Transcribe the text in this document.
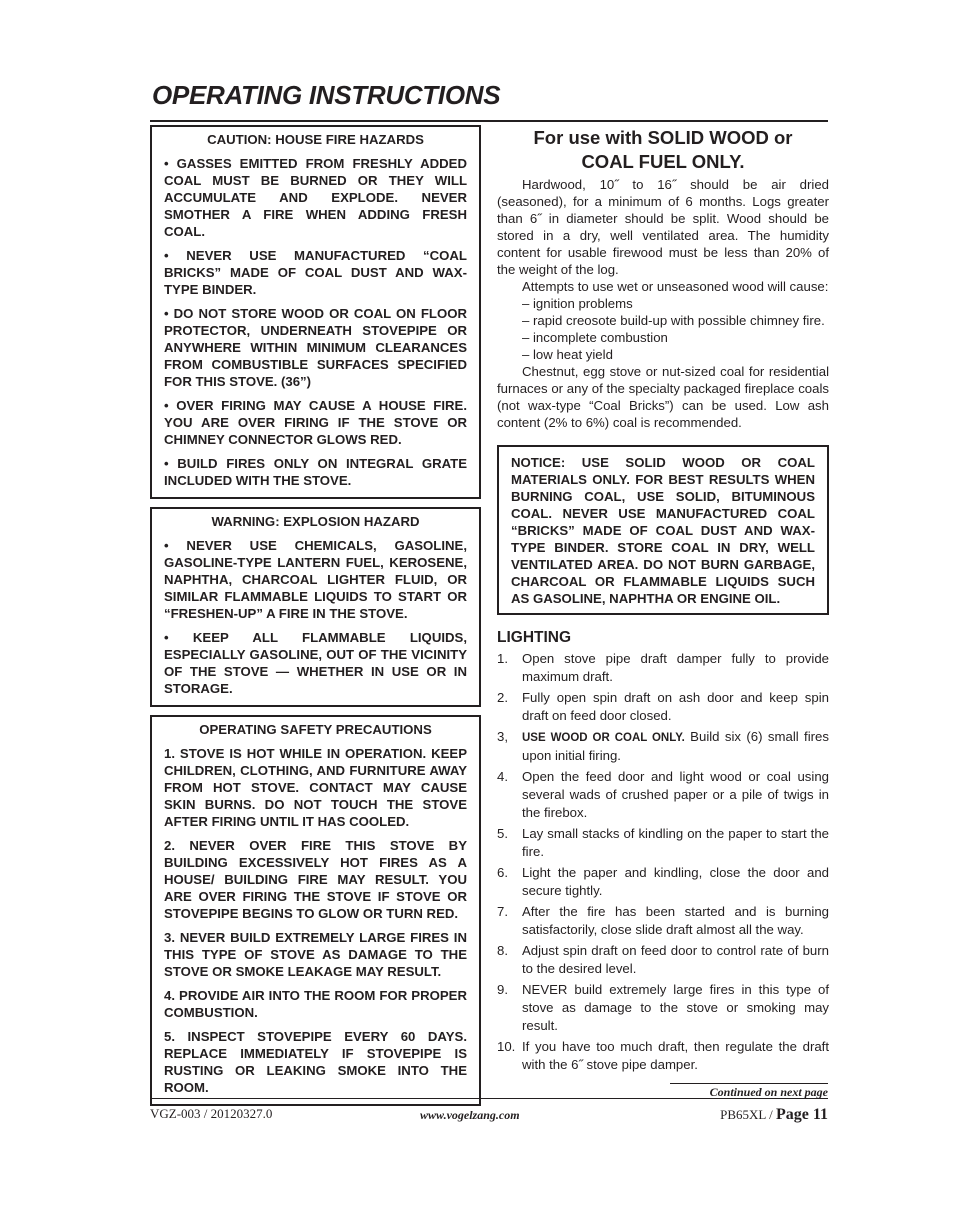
OPERATING INSTRUCTIONS
CAUTION: HOUSE FIRE HAZARDS

• GASSES EMITTED FROM FRESHLY ADDED COAL MUST BE BURNED OR THEY WILL ACCUMULATE AND EXPLODE. NEVER SMOTHER A FIRE WHEN ADDING FRESH COAL.

• NEVER USE MANUFACTURED “COAL BRICKS” MADE OF COAL DUST AND WAX-TYPE BINDER.

• DO NOT STORE WOOD OR COAL ON FLOOR PROTECTOR, UNDERNEATH STOVEPIPE OR ANYWHERE WITHIN MINIMUM CLEARANCES FROM COMBUSTIBLE SURFACES SPECIFIED FOR THIS STOVE. (36”)

• OVER FIRING MAY CAUSE A HOUSE FIRE. YOU ARE OVER FIRING IF THE STOVE OR CHIMNEY CONNECTOR GLOWS RED.

• BUILD FIRES ONLY ON INTEGRAL GRATE INCLUDED WITH THE STOVE.

WARNING: EXPLOSION HAZARD

• NEVER USE CHEMICALS, GASOLINE, GASOLINE-TYPE LANTERN FUEL, KEROSENE, NAPHTHA, CHARCOAL LIGHTER FLUID, OR SIMILAR FLAMMABLE LIQUIDS TO START OR “FRESHEN-UP” A FIRE IN THE STOVE.

• KEEP ALL FLAMMABLE LIQUIDS, ESPECIALLY GASOLINE, OUT OF THE VICINITY OF THE STOVE — WHETHER IN USE OR IN STORAGE.

OPERATING SAFETY PRECAUTIONS

1. STOVE IS HOT WHILE IN OPERATION. KEEP CHILDREN, CLOTHING, AND FURNITURE AWAY FROM HOT STOVE. CONTACT MAY CAUSE SKIN BURNS. DO NOT TOUCH THE STOVE AFTER FIRING UNTIL IT HAS COOLED.

2. NEVER OVER FIRE THIS STOVE BY BUILDING EXCESSIVELY HOT FIRES AS A HOUSE/ BUILDING FIRE MAY RESULT. YOU ARE OVER FIRING THE STOVE IF STOVE OR STOVEPIPE BEGINS TO GLOW OR TURN RED.

3. NEVER BUILD EXTREMELY LARGE FIRES IN THIS TYPE OF STOVE AS DAMAGE TO THE STOVE OR SMOKE LEAKAGE MAY RESULT.

4. PROVIDE AIR INTO THE ROOM FOR PROPER COMBUSTION.

5. INSPECT STOVEPIPE EVERY 60 DAYS. REPLACE IMMEDIATELY IF STOVEPIPE IS RUSTING OR LEAKING SMOKE INTO THE ROOM.

For use with SOLID WOOD or
COAL FUEL ONLY.

Hardwood, 10˝ to 16˝ should be air dried (seasoned), for a minimum of 6 months. Logs greater than 6˝ in diameter should be split. Wood should be stored in a dry, well ventilated area. The humidity content for usable firewood must be less than 20% of the weight of the log.

Attempts to use wet or unseasoned wood will cause:

– ignition problems
– rapid creosote build-up with possible chimney fire.
– incomplete combustion
– low heat yield

Chestnut, egg stove or nut-sized coal for residential furnaces or any of the specialty packaged fireplace coals (not wax-type “Coal Bricks”) can be used. Low ash content (2% to 6%) coal is recommended.

NOTICE: USE SOLID WOOD OR COAL MATERIALS ONLY. FOR BEST RESULTS WHEN BURNING COAL, USE SOLID, BITUMINOUS COAL. NEVER USE MANUFACTURED COAL “BRICKS” MADE OF COAL DUST AND WAX-TYPE BINDER. STORE COAL IN DRY, WELL VENTILATED AREA. DO NOT BURN GARBAGE, CHARCOAL OR FLAMMABLE LIQUIDS SUCH AS GASOLINE, NAPHTHA OR ENGINE OIL.
LIGHTING
1. Open stove pipe draft damper fully to provide maximum draft.
2. Fully open spin draft on ash door and keep spin draft on feed door closed.
3, USE WOOD OR COAL ONLY. Build six (6) small fires upon initial firing.
4. Open the feed door and light wood or coal using several wads of crushed paper or a pile of twigs in the firebox.
5. Lay small stacks of kindling on the paper to start the fire.
6. Light the paper and kindling, close the door and secure tightly.
7. After the fire has been started and is burning satisfactorily, close slide draft almost all the way.
8. Adjust spin draft on feed door to control rate of burn to the desired level.
9. NEVER build extremely large fires in this type of stove as damage to the stove or smoking may result.
10. If you have too much draft, then regulate the draft with the 6˝ stove pipe damper.
Continued on next page
VGZ-003 / 20120327.0	www.vogelzang.com	PB65XL / Page 11
